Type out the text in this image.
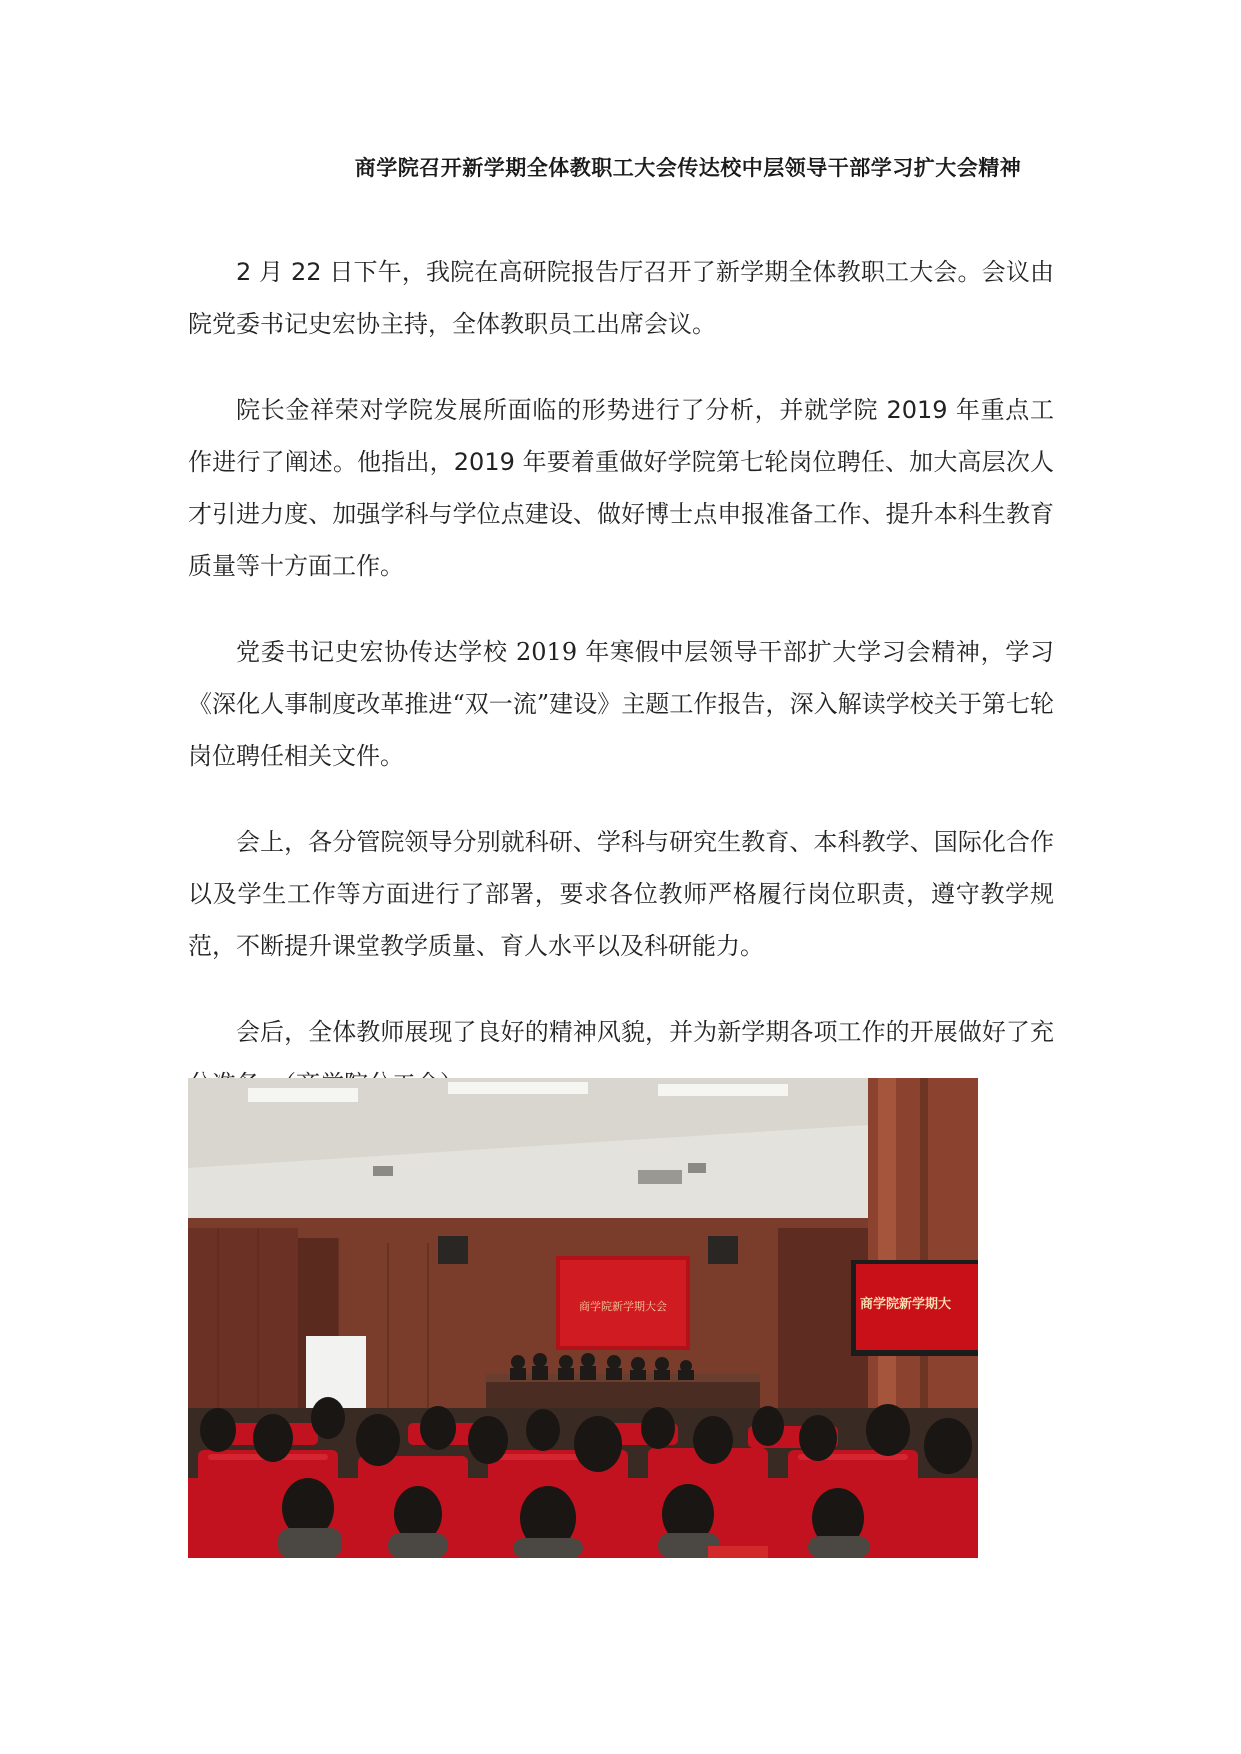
商学院召开新学期全体教职工大会传达校中层领导干部学习扩大会精神

2 月 22 日下午，我院在高研院报告厅召开了新学期全体教职工大会。会议由院党委书记史宏协主持，全体教职员工出席会议。

院长金祥荣对学院发展所面临的形势进行了分析，并就学院 2019 年重点工作进行了阐述。他指出，2019 年要着重做好学院第七轮岗位聘任、加大高层次人才引进力度、加强学科与学位点建设、做好博士点申报准备工作、提升本科生教育质量等十方面工作。

党委书记史宏协传达学校 2019 年寒假中层领导干部扩大学习会精神，学习《深化人事制度改革推进“双一流”建设》主题工作报告，深入解读学校关于第七轮岗位聘任相关文件。

会上，各分管院领导分别就科研、学科与研究生教育、本科教学、国际化合作以及学生工作等方面进行了部署，要求各位教师严格履行岗位职责，遵守教学规范，不断提升课堂教学质量、育人水平以及科研能力。

会后，全体教师展现了良好的精神风貌，并为新学期各项工作的开展做好了充

商学院新学期大会	商学院新学期大
